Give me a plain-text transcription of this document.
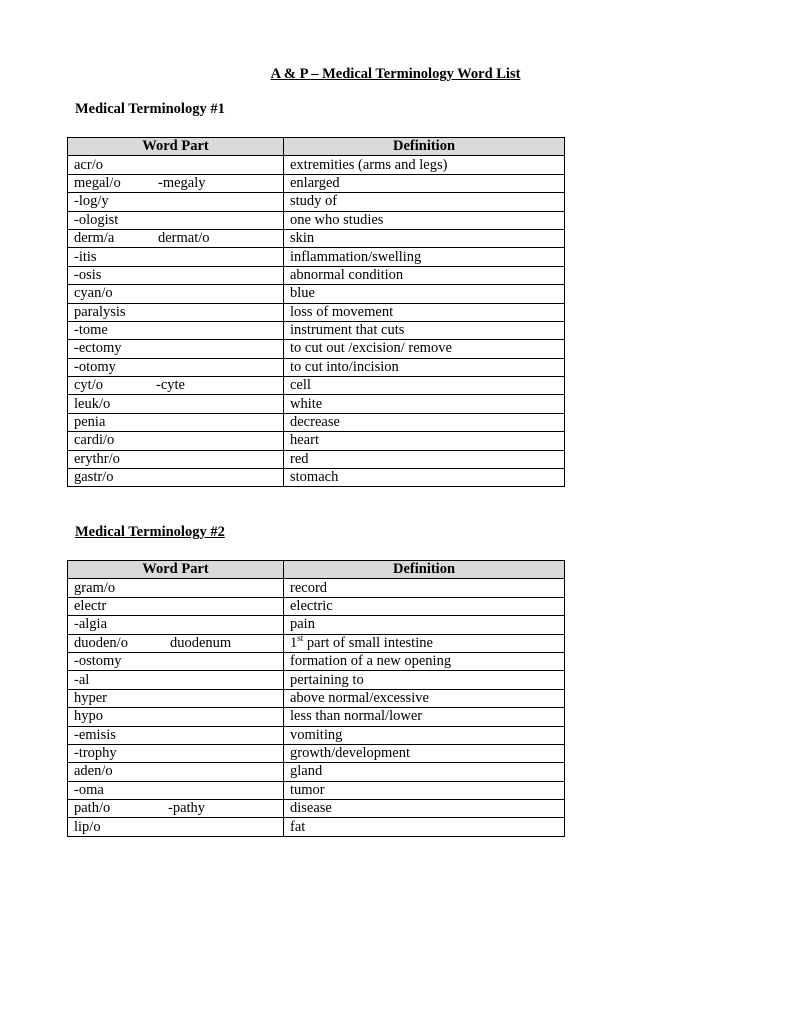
A & P – Medical Terminology Word List
Medical Terminology #1
Word Part	Definition
acr/o	extremities (arms and legs)
megal/o -megaly	enlarged
-log/y	study of
-ologist	one who studies
derm/a dermat/o	skin
-itis	inflammation/swelling
-osis	abnormal condition
cyan/o	blue
paralysis	loss of movement
-tome	instrument that cuts
-ectomy	to cut out /excision/ remove
-otomy	to cut into/incision
cyt/o -cyte	cell
leuk/o	white
penia	decrease
cardi/o	heart
erythr/o	red
gastr/o	stomach
Medical Terminology #2
Word Part	Definition
gram/o	record
electr	electric
-algia	pain
duoden/o duodenum	1st part of small intestine
-ostomy	formation of a new opening
-al	pertaining to
hyper	above normal/excessive
hypo	less than normal/lower
-emisis	vomiting
-trophy	growth/development
aden/o	gland
-oma	tumor
path/o -pathy	disease
lip/o	fat
